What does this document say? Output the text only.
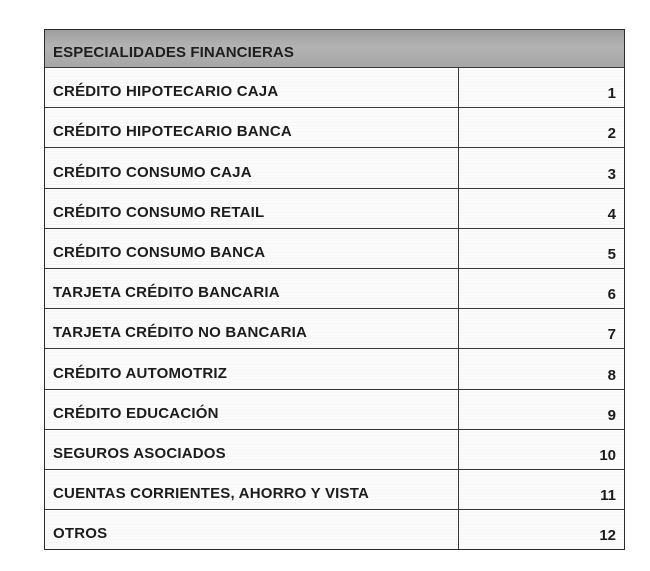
ESPECIALIDADES FINANCIERAS
CRÉDITO HIPOTECARIO CAJA	1
CRÉDITO HIPOTECARIO BANCA	2
CRÉDITO CONSUMO CAJA	3
CRÉDITO CONSUMO RETAIL	4
CRÉDITO CONSUMO BANCA	5
TARJETA CRÉDITO BANCARIA	6
TARJETA CRÉDITO NO BANCARIA	7
CRÉDITO AUTOMOTRIZ	8
CRÉDITO EDUCACIÓN	9
SEGUROS ASOCIADOS	10
CUENTAS CORRIENTES, AHORRO Y VISTA	11
OTROS	12
